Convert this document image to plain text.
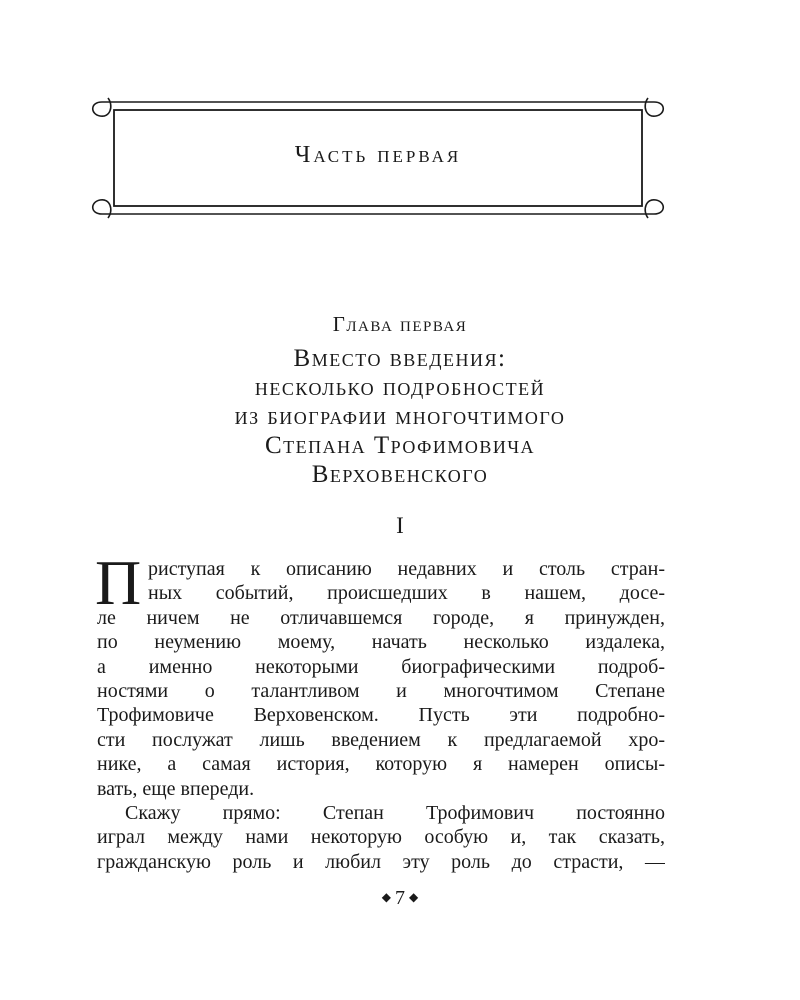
Часть первая
Глава первая
Вместо введения:
несколько подробностей
из биографии многочтимого
Степана Трофимовича
Верховенского
I
П риступая к описанию недавних и столь стран-
ных событий, происшедших в нашем, досе-
ле ничем не отличавшемся городе, я принужден,
по неумению моему, начать несколько издалека,
а именно некоторыми биографическими подроб-
ностями о талантливом и многочтимом Степане
Трофимовиче Верховенском. Пусть эти подробно-
сти послужат лишь введением к предлагаемой хро-
нике, а самая история, которую я намерен описы-
вать, еще впереди.
Скажу прямо: Степан Трофимович постоянно
играл между нами некоторую особую и, так сказать,
гражданскую роль и любил эту роль до страсти, —
◆ 7 ◆
